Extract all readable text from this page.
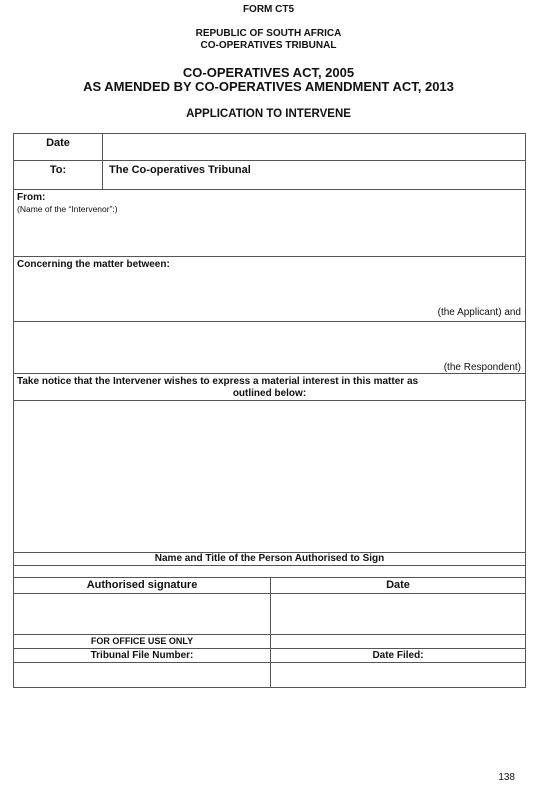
FORM CT5

REPUBLIC OF SOUTH AFRICA
CO-OPERATIVES TRIBUNAL
CO-OPERATIVES ACT, 2005
AS AMENDED BY CO-OPERATIVES AMENDMENT ACT, 2013

APPLICATION TO INTERVENE

Date
To:	The Co-operatives Tribunal
From:
(Name of the “Intervenor”:)
Concerning the matter between:
(the Applicant) and
(the Respondent)
Take notice that the Intervener wishes to express a material interest in this matter as
outlined below:
Name and Title of the Person Authorised to Sign
Authorised signature	Date
FOR OFFICE USE ONLY
Tribunal File Number:	Date Filed:
138
